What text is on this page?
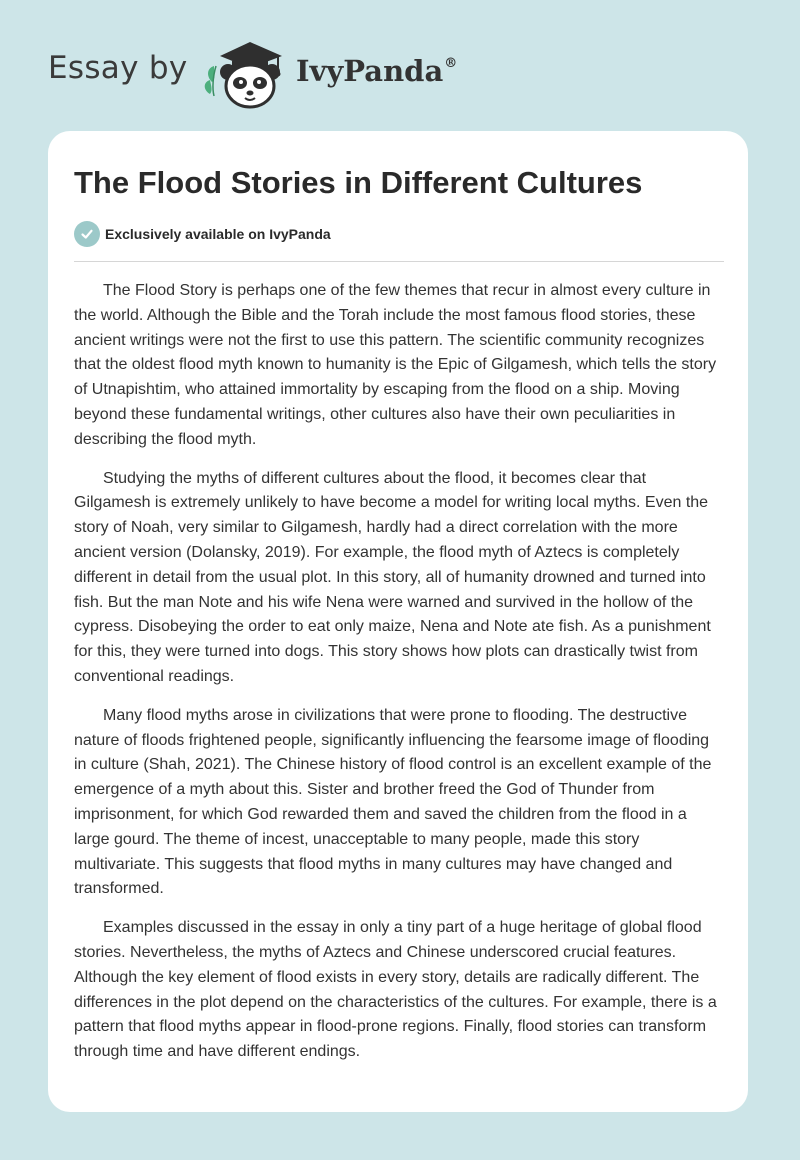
Essay by	IvyPanda®
The Flood Stories in Different Cultures
Exclusively available on IvyPanda

The Flood Story is perhaps one of the few themes that recur in almost every culture in the world. Although the Bible and the Torah include the most famous flood stories, these ancient writings were not the first to use this pattern. The scientific community recognizes that the oldest flood myth known to humanity is the Epic of Gilgamesh, which tells the story of Utnapishtim, who attained immortality by escaping from the flood on a ship. Moving beyond these fundamental writings, other cultures also have their own peculiarities in describing the flood myth.

Studying the myths of different cultures about the flood, it becomes clear that Gilgamesh is extremely unlikely to have become a model for writing local myths. Even the story of Noah, very similar to Gilgamesh, hardly had a direct correlation with the more ancient version (Dolansky, 2019). For example, the flood myth of Aztecs is completely different in detail from the usual plot. In this story, all of humanity drowned and turned into fish. But the man Note and his wife Nena were warned and survived in the hollow of the cypress. Disobeying the order to eat only maize, Nena and Note ate fish. As a punishment for this, they were turned into dogs. This story shows how plots can drastically twist from conventional readings.

Many flood myths arose in civilizations that were prone to flooding. The destructive nature of floods frightened people, significantly influencing the fearsome image of flooding in culture (Shah, 2021). The Chinese history of flood control is an excellent example of the emergence of a myth about this. Sister and brother freed the God of Thunder from imprisonment, for which God rewarded them and saved the children from the flood in a large gourd. The theme of incest, unacceptable to many people, made this story multivariate. This suggests that flood myths in many cultures may have changed and transformed.

Examples discussed in the essay in only a tiny part of a huge heritage of global flood stories. Nevertheless, the myths of Aztecs and Chinese underscored crucial features. Although the key element of flood exists in every story, details are radically different. The differences in the plot depend on the characteristics of the cultures. For example, there is a pattern that flood myths appear in flood-prone regions. Finally, flood stories can transform through time and have different endings.
